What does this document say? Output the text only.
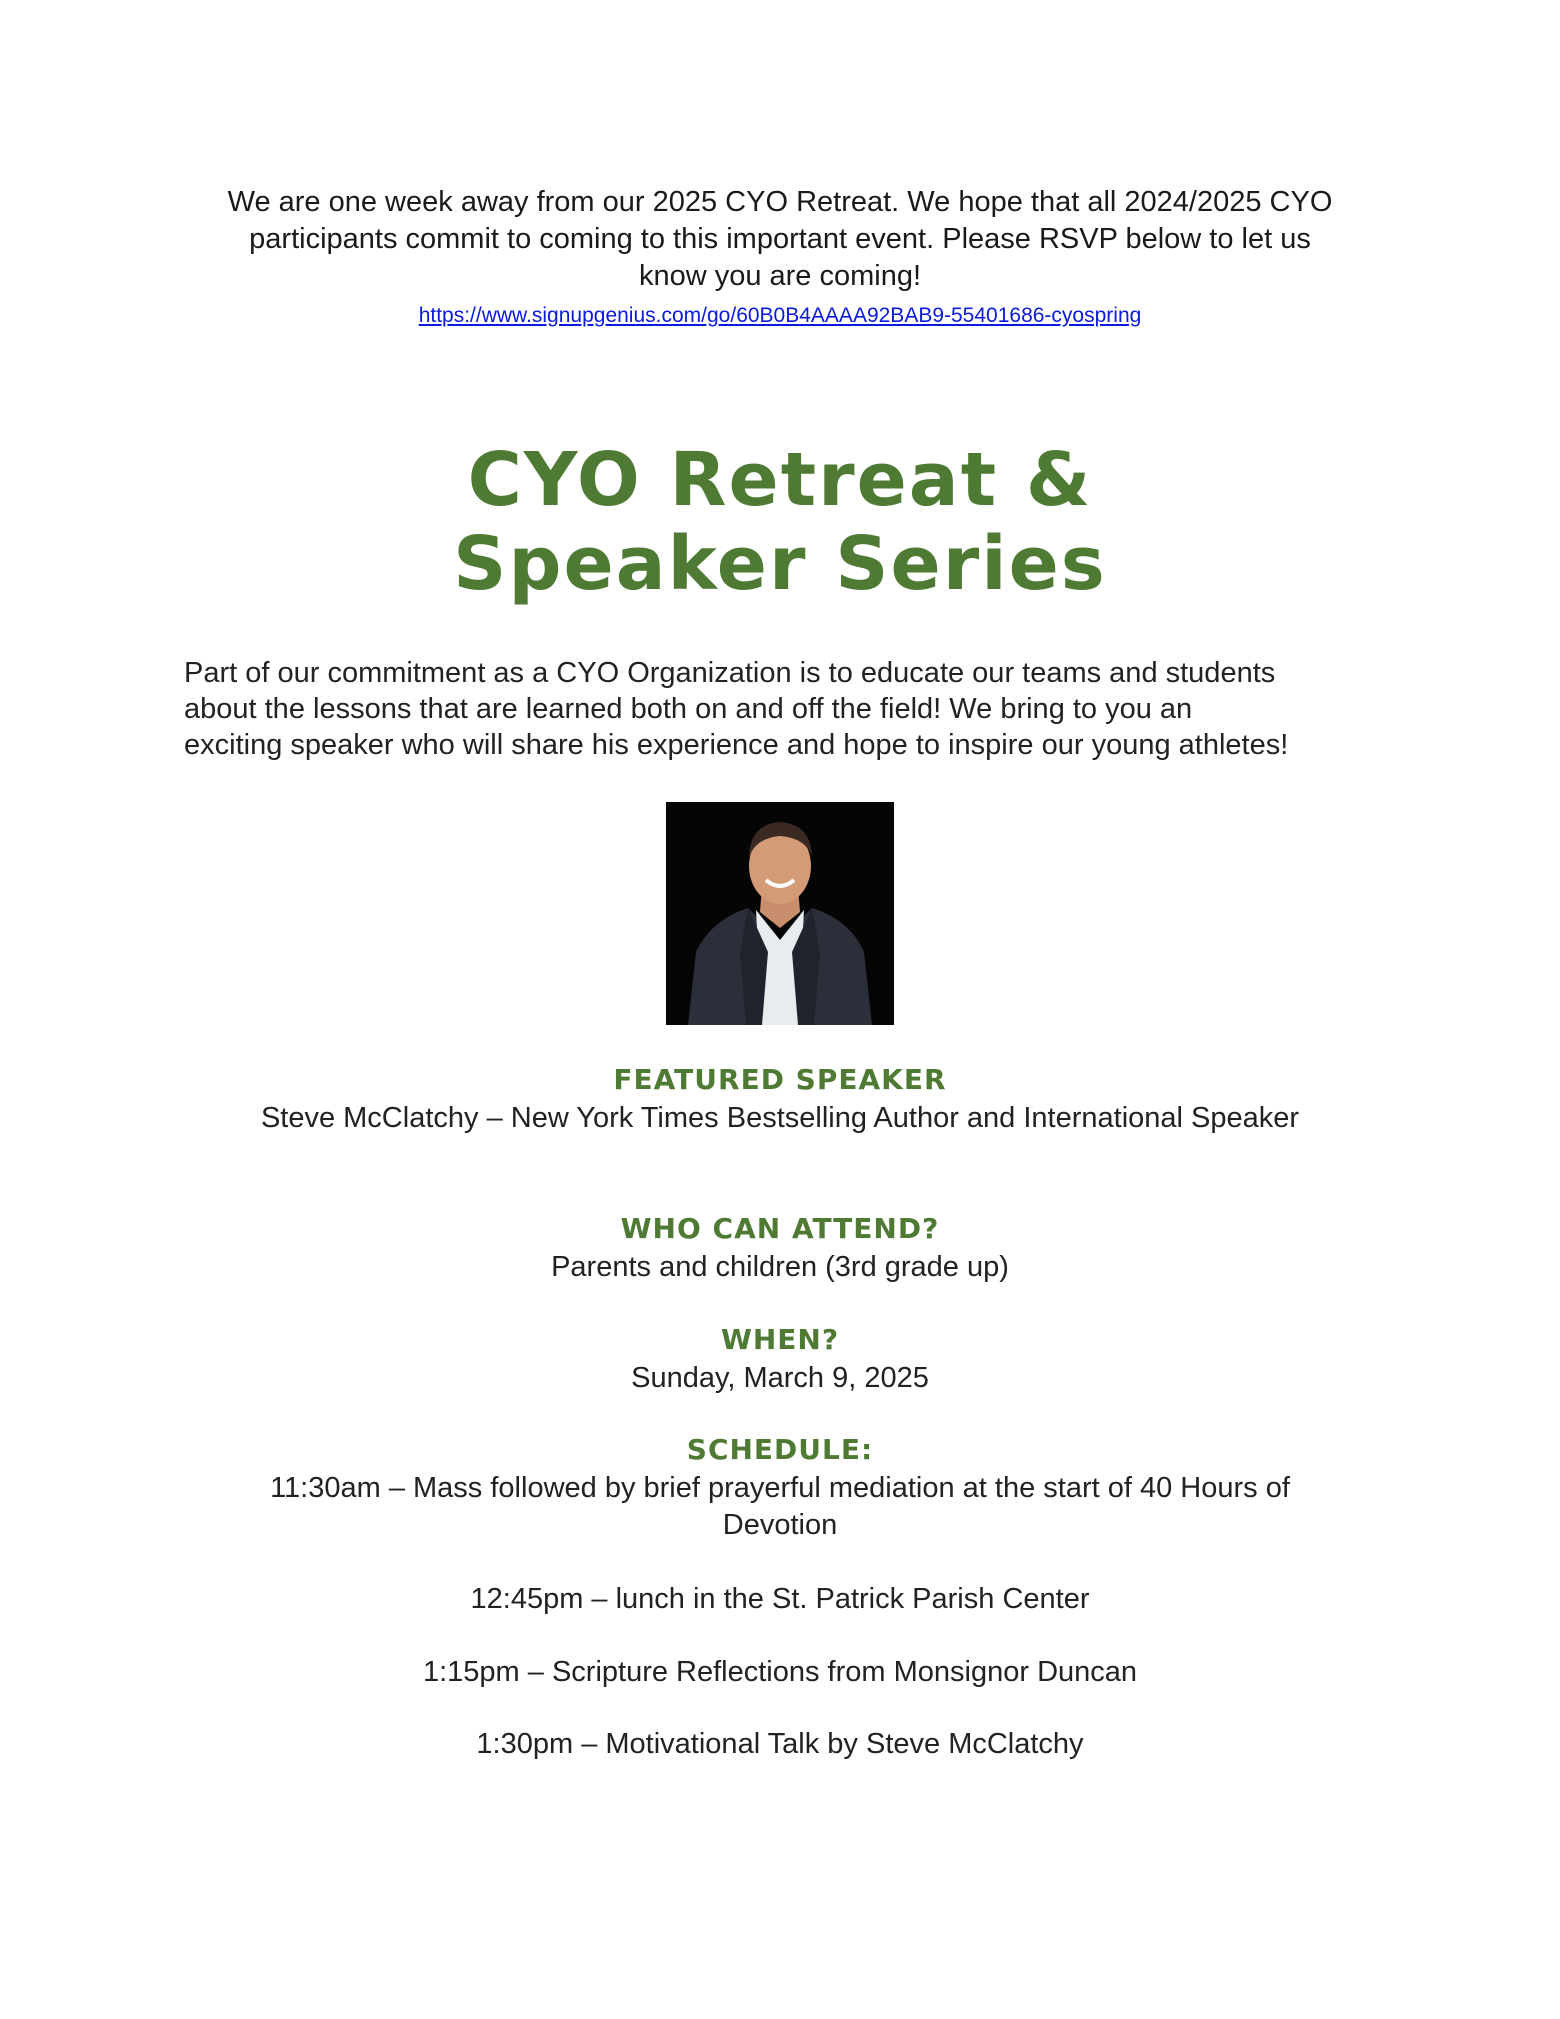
We are one week away from our 2025 CYO Retreat. We hope that all 2024/2025 CYO
participants commit to coming to this important event. Please RSVP below to let us
know you are coming!
https://www.signupgenius.com/go/60B0B4AAAA92BAB9-55401686-cyospring
CYO Retreat &
Speaker Series
Part of our commitment as a CYO Organization is to educate our teams and students
about the lessons that are learned both on and off the field! We bring to you an
exciting speaker who will share his experience and hope to inspire our young athletes!
FEATURED SPEAKER
Steve McClatchy – New York Times Bestselling Author and International Speaker
WHO CAN ATTEND?
Parents and children (3rd grade up)
WHEN?
Sunday, March 9, 2025
SCHEDULE:
11:30am – Mass followed by brief prayerful mediation at the start of 40 Hours of
Devotion
12:45pm – lunch in the St. Patrick Parish Center
1:15pm – Scripture Reflections from Monsignor Duncan
1:30pm – Motivational Talk by Steve McClatchy
